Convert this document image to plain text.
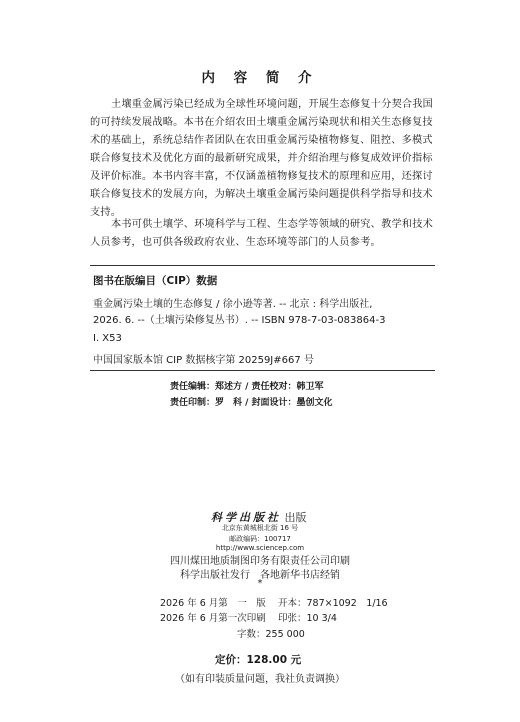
内 容 简 介

土壤重金属污染已经成为全球性环境问题，开展生态修复十分契合我国的可持续发展战略。本书在介绍农田土壤重金属污染现状和相关生态修复技术的基础上，系统总结作者团队在农田重金属污染植物修复、阻控、多模式联合修复技术及优化方面的最新研究成果，并介绍治理与修复成效评价指标及评价标准。本书内容丰富，不仅涵盖植物修复技术的原理和应用，还探讨联合修复技术的发展方向，为解决土壤重金属污染问题提供科学指导和技术支持。

本书可供土壤学、环境科学与工程、生态学等领域的研究、教学和技术人员参考，也可供各级政府农业、生态环境等部门的人员参考。

图书在版编目（CIP）数据
重金属污染土壤的生态修复 / 徐小逊等著. -- 北京 : 科学出版社,
2026. 6. --（土壤污染修复丛书）. -- ISBN 978-7-03-083864-3
Ⅰ. X53
中国国家版本馆 CIP 数据核字第 20259J#667 号
责任编辑：郑述方 / 责任校对：韩卫军
责任印制：罗　科 / 封面设计：墨创文化
科学出版社 出版
北京东黄城根北街 16 号
邮政编码：100717
http://www.sciencep.com
四川煤田地质制图印务有限责任公司印刷
科学出版社发行　各地新华书店经销
*
2026 年 6 月第　一　版 开本：787×1092　1/16
2026 年 6 月第一次印刷 印张：10 3/4
字数：255 000
定价：128.00 元
（如有印装质量问题，我社负责调换）
